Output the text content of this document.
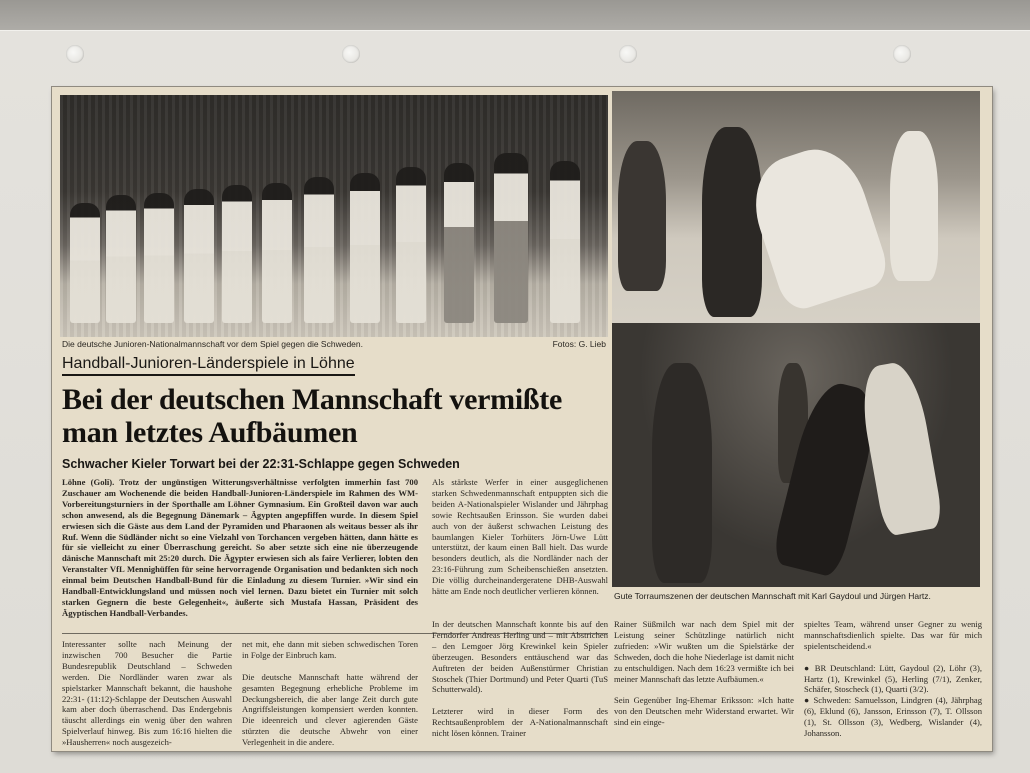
Die deutsche Junioren-Nationalmannschaft vor dem Spiel gegen die Schweden.	Fotos: G. Lieb
Gute Torraumszenen der deutschen Mannschaft mit Karl Gaydoul und Jürgen Hartz.
Handball-Junioren-Länderspiele in Löhne
Bei der deutschen Mannschaft vermißte man letztes Aufbäumen
Schwacher Kieler Torwart bei der 22:31-Schlappe gegen Schweden
Löhne (Goli). Trotz der ungünstigen Witterungsverhältnisse verfolgten immerhin fast 700 Zuschauer am Wochenende die beiden Handball-Junioren-Länderspiele im Rahmen des WM-Vorbereitungsturniers in der Sporthalle am Löhner Gymnasium. Ein Großteil davon war auch schon anwesend, als die Begegnung Dänemark – Ägypten angepfiffen wurde. In diesem Spiel erwiesen sich die Gäste aus dem Land der Pyramiden und Pharaonen als weitaus besser als ihr Ruf. Wenn die Südländer nicht so eine Vielzahl von Torchancen vergeben hätten, dann hätte es für sie vielleicht zu einer Überraschung gereicht. So aber setzte sich eine nie überzeugende dänische Mannschaft mit 25:20 durch. Die Ägypter erwiesen sich als faire Verlierer, lobten den Veranstalter VfL Mennighüffen für seine hervorragende Organisation und bedankten sich noch einmal beim Deutschen Handball-Bund für die Einladung zu diesem Turnier. »Wir sind ein Handball-Entwicklungsland und müssen noch viel lernen. Dazu bietet ein Turnier mit solch starken Gegnern die beste Gelegenheit«, äußerte sich Mustafa Hassan, Präsident des Ägyptischen Handball-Verbandes.
Als stärkste Werfer in einer ausgeglichenen starken Schwedenmannschaft entpuppten sich die beiden A-Nationalspieler Wislander und Jährphag sowie Rechtsaußen Erinsson. Sie wurden dabei auch von der äußerst schwachen Leistung des baumlangen Kieler Torhüters Jörn-Uwe Lütt unterstützt, der kaum einen Ball hielt. Das wurde besonders deutlich, als die Nordländer nach der 23:16-Führung zum Scheibenschießen ansetzten. Die völlig durcheinandergeratene DHB-Auswahl hätte am Ende noch deutlicher verlieren können.
Interessanter sollte nach Meinung der inzwischen 700 Besucher die Partie Bundesrepublik Deutschland – Schweden werden. Die Nordländer waren zwar als spielstarker Mannschaft bekannt, die haushohe 22:31- (11:12)-Schlappe der Deutschen Auswahl kam aber doch überraschend. Das Endergebnis täuscht allerdings ein wenig über den wahren Spielverlauf hinweg. Bis zum 16:16 hielten die »Hausherren« noch ausgezeich-
net mit, ehe dann mit sieben schwedischen Toren in Folge der Einbruch kam.

Die deutsche Mannschaft hatte während der gesamten Begegnung erhebliche Probleme im Deckungsbereich, die aber lange Zeit durch gute Angriffsleistungen kompensiert werden konnten. Die ideenreich und clever agierenden Gäste stürzten die deutsche Abwehr von einer Verlegenheit in die andere.
In der deutschen Mannschaft konnte bis auf den Ferndorfer Andreas Herling und – mit Abstrichen – den Lemgoer Jörg Krewinkel kein Spieler überzeugen. Besonders enttäuschend war das Auftreten der beiden Außenstürmer Christian Stoschek (Thier Dortmund) und Peter Quarti (TuS Schutterwald).

Letzterer wird in dieser Form des Rechtsaußenproblem der A-Nationalmannschaft nicht lösen können. Trainer
Rainer Süßmilch war nach dem Spiel mit der Leistung seiner Schützlinge natürlich nicht zufrieden: »Wir wußten um die Spielstärke der Schweden, doch die hohe Niederlage ist damit nicht zu entschuldigen. Nach dem 16:23 vermißte ich bei meiner Mannschaft das letzte Aufbäumen.«

Sein Gegenüber Ing-Ehemar Eriksson: »Ich hatte von den Deutschen mehr Widerstand erwartet. Wir sind ein einge-
spieltes Team, während unser Gegner zu wenig mannschaftsdienlich spielte. Das war für mich spielentscheidend.«

● BR Deutschland: Lütt, Gaydoul (2), Löhr (3), Hartz (1), Krewinkel (5), Herling (7/1), Zenker, Schäfer, Stoscheck (1), Quarti (3/2).
● Schweden: Samuelsson, Lindgren (4), Jährphag (6), Eklund (6), Jansson, Erinsson (7), T. Ollsson (1), St. Ollsson (3), Wedberg, Wislander (4), Johansson.
